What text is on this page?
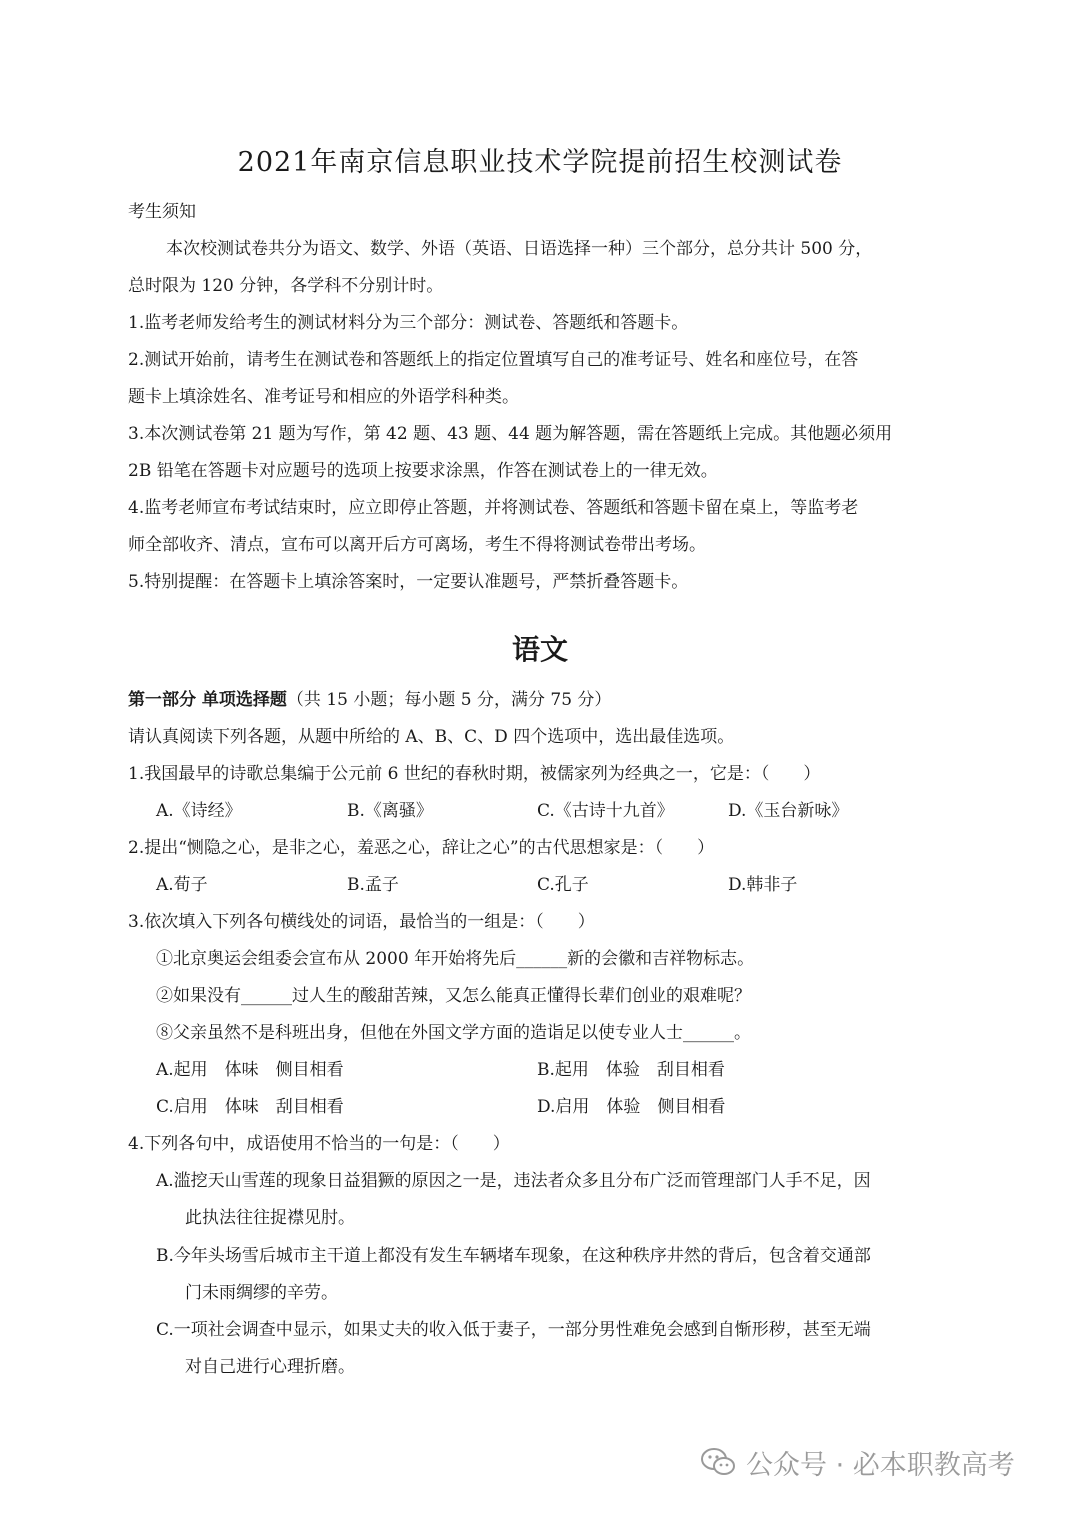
2021年南京信息职业技术学院提前招生校测试卷
考生须知
本次校测试卷共分为语文、数学、外语（英语、日语选择一种）三个部分，总分共计 500 分，
总时限为 120 分钟，各学科不分别计时。
1.监考老师发给考生的测试材料分为三个部分：测试卷、答题纸和答题卡。
2.测试开始前，请考生在测试卷和答题纸上的指定位置填写自己的准考证号、姓名和座位号，在答
题卡上填涂姓名、准考证号和相应的外语学科种类。
3.本次测试卷第 21 题为写作，第 42 题、43 题、44 题为解答题，需在答题纸上完成。其他题必须用
2B 铅笔在答题卡对应题号的选项上按要求涂黑，作答在测试卷上的一律无效。
4.监考老师宣布考试结束时，应立即停止答题，并将测试卷、答题纸和答题卡留在桌上，等监考老
师全部收齐、清点，宣布可以离开后方可离场，考生不得将测试卷带出考场。
5.特别提醒：在答题卡上填涂答案时，一定要认准题号，严禁折叠答题卡。
语文
第一部分 单项选择题（共 15 小题；每小题 5 分，满分 75 分）
请认真阅读下列各题，从题中所给的 A、B、C、D 四个选项中，选出最佳选项。
1.我国最早的诗歌总集编于公元前 6 世纪的春秋时期，被儒家列为经典之一，它是：（　　）
A.《诗经》	B.《离骚》	C.《古诗十九首》	D.《玉台新咏》
2.提出“恻隐之心，是非之心，羞恶之心，辞让之心”的古代思想家是：（　　）
A.荀子	B.孟子	C.孔子	D.韩非子
3.依次填入下列各句横线处的词语，最恰当的一组是：（　　）
①北京奥运会组委会宣布从 2000 年开始将先后______新的会徽和吉祥物标志。
②如果没有______过人生的酸甜苦辣，又怎么能真正懂得长辈们创业的艰难呢？
⑧父亲虽然不是科班出身，但他在外国文学方面的造诣足以使专业人士______。
A.起用　体味　侧目相看	B.起用　体验　刮目相看
C.启用　体味　刮目相看	D.启用　体验　侧目相看
4.下列各句中，成语使用不恰当的一句是：（　　）
A.滥挖天山雪莲的现象日益猖獗的原因之一是，违法者众多且分布广泛而管理部门人手不足，因
此执法往往捉襟见肘。
B.今年头场雪后城市主干道上都没有发生车辆堵车现象，在这种秩序井然的背后，包含着交通部
门未雨绸缪的辛劳。
C.一项社会调查中显示，如果丈夫的收入低于妻子，一部分男性难免会感到自惭形秽，甚至无端
对自己进行心理折磨。
公众号 · 必本职教高考
